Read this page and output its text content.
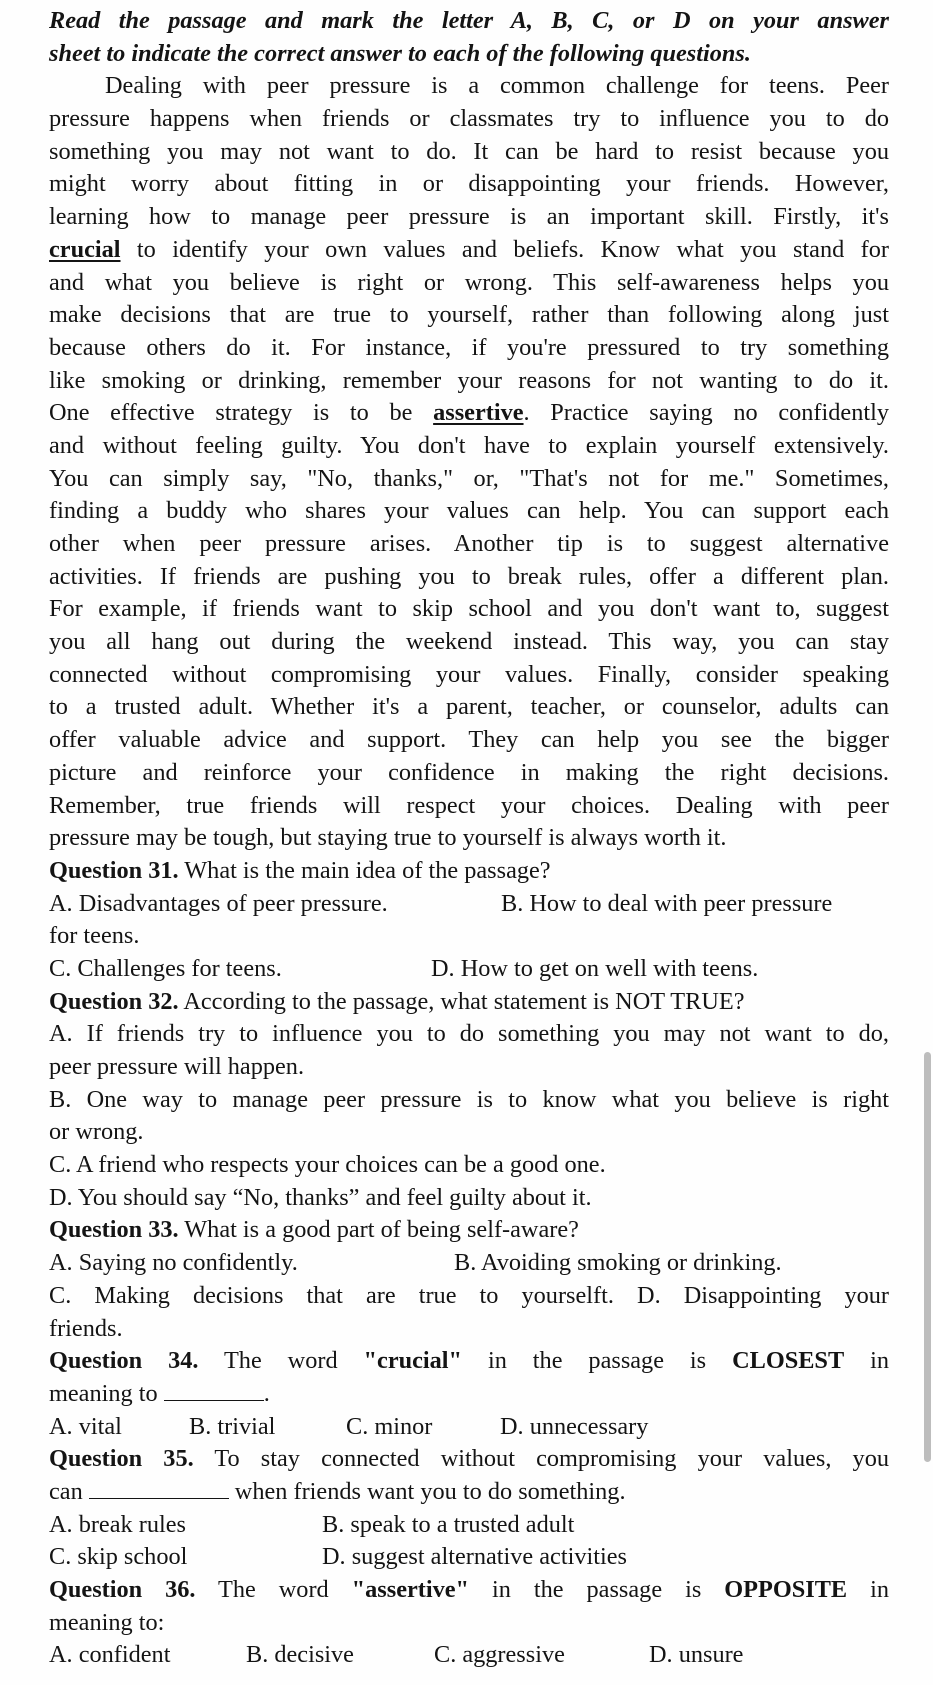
Read the passage and mark the letter A, B, C, or D on your answer
sheet to indicate the correct answer to each of the following questions.
Dealing with peer pressure is a common challenge for teens. Peer
pressure happens when friends or classmates try to influence you to do
something you may not want to do. It can be hard to resist because you
might worry about fitting in or disappointing your friends. However,
learning how to manage peer pressure is an important skill. Firstly, it's
crucial to identify your own values and beliefs. Know what you stand for
and what you believe is right or wrong. This self-awareness helps you
make decisions that are true to yourself, rather than following along just
because others do it. For instance, if you're pressured to try something
like smoking or drinking, remember your reasons for not wanting to do it.
One effective strategy is to be assertive. Practice saying no confidently
and without feeling guilty. You don't have to explain yourself extensively.
You can simply say, "No, thanks," or, "That's not for me." Sometimes,
finding a buddy who shares your values can help. You can support each
other when peer pressure arises. Another tip is to suggest alternative
activities. If friends are pushing you to break rules, offer a different plan.
For example, if friends want to skip school and you don't want to, suggest
you all hang out during the weekend instead. This way, you can stay
connected without compromising your values. Finally, consider speaking
to a trusted adult. Whether it's a parent, teacher, or counselor, adults can
offer valuable advice and support. They can help you see the bigger
picture and reinforce your confidence in making the right decisions.
Remember, true friends will respect your choices. Dealing with peer
pressure may be tough, but staying true to yourself is always worth it.
Question 31. What is the main idea of the passage?
A. Disadvantages of peer pressure.	B. How to deal with peer pressure
for teens.
C. Challenges for teens.	D. How to get on well with teens.
Question 32. According to the passage, what statement is NOT TRUE?
A. If friends try to influence you to do something you may not want to do,
peer pressure will happen.
B. One way to manage peer pressure is to know what you believe is right
or wrong.
C. A friend who respects your choices can be a good one.
D. You should say “No, thanks” and feel guilty about it.
Question 33. What is a good part of being self-aware?
A. Saying no confidently.	B. Avoiding smoking or drinking.
C. Making decisions that are true to yourselft. D. Disappointing your
friends.
Question 34. The word "crucial" in the passage is CLOSEST in
meaning to	.
A. vital	B. trivial	C. minor	D. unnecessary
Question 35. To stay connected without compromising your values, you
can	when friends want you to do something.
A. break rules	B. speak to a trusted adult
C. skip school	D. suggest alternative activities
Question 36. The word "assertive" in the passage is OPPOSITE in
meaning to:
A. confident	B. decisive	C. aggressive	D. unsure
